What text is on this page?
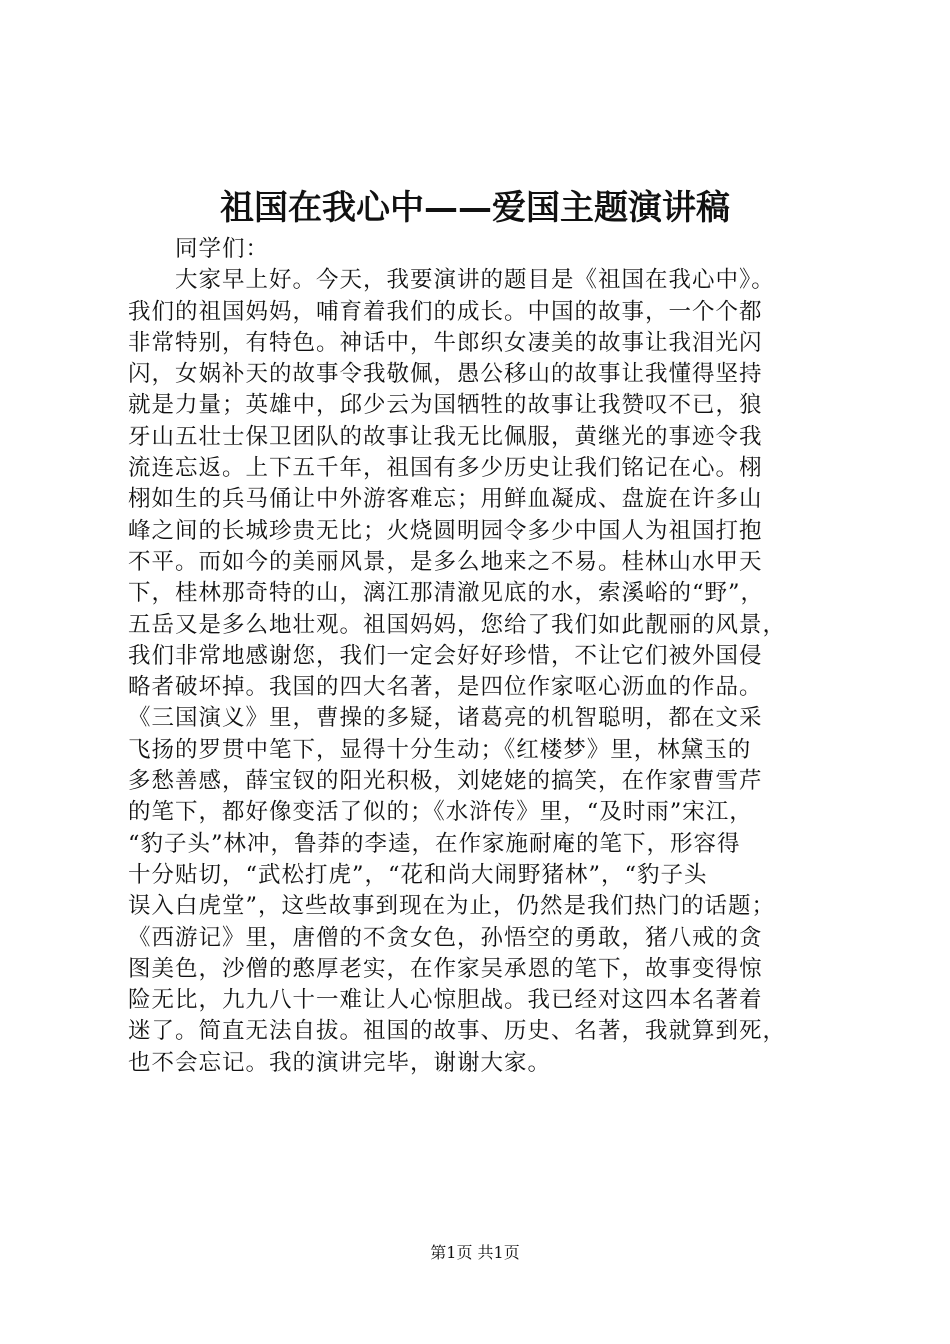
祖国在我心中——爱国主题演讲稿
　　同学们：
　　大家早上好。今天，我要演讲的题目是《祖国在我心中》。
我们的祖国妈妈，哺育着我们的成长。中国的故事，一个个都
非常特别，有特色。神话中，牛郎织女凄美的故事让我泪光闪
闪，女娲补天的故事令我敬佩，愚公移山的故事让我懂得坚持
就是力量；英雄中，邱少云为国牺牲的故事让我赞叹不已，狼
牙山五壮士保卫团队的故事让我无比佩服，黄继光的事迹令我
流连忘返。上下五千年，祖国有多少历史让我们铭记在心。栩
栩如生的兵马俑让中外游客难忘；用鲜血凝成、盘旋在许多山
峰之间的长城珍贵无比；火烧圆明园令多少中国人为祖国打抱
不平。而如今的美丽风景，是多么地来之不易。桂林山水甲天
下，桂林那奇特的山，漓江那清澈见底的水，索溪峪的“野”，
五岳又是多么地壮观。祖国妈妈，您给了我们如此靓丽的风景，
我们非常地感谢您，我们一定会好好珍惜，不让它们被外国侵
略者破坏掉。我国的四大名著，是四位作家呕心沥血的作品。
《三国演义》里，曹操的多疑，诸葛亮的机智聪明，都在文采
飞扬的罗贯中笔下，显得十分生动；《红楼梦》里，林黛玉的
多愁善感，薛宝钗的阳光积极，刘姥姥的搞笑，在作家曹雪芹
的笔下，都好像变活了似的；《水浒传》里，“及时雨”宋江，
“豹子头”林冲，鲁莽的李逵，在作家施耐庵的笔下，形容得
十分贴切，“武松打虎”，“花和尚大闹野猪林”，“豹子头
误入白虎堂”，这些故事到现在为止，仍然是我们热门的话题；
《西游记》里，唐僧的不贪女色，孙悟空的勇敢，猪八戒的贪
图美色，沙僧的憨厚老实，在作家吴承恩的笔下，故事变得惊
险无比，九九八十一难让人心惊胆战。我已经对这四本名著着
迷了。简直无法自拔。祖国的故事、历史、名著，我就算到死，
也不会忘记。我的演讲完毕，谢谢大家。
第1页 共1页
